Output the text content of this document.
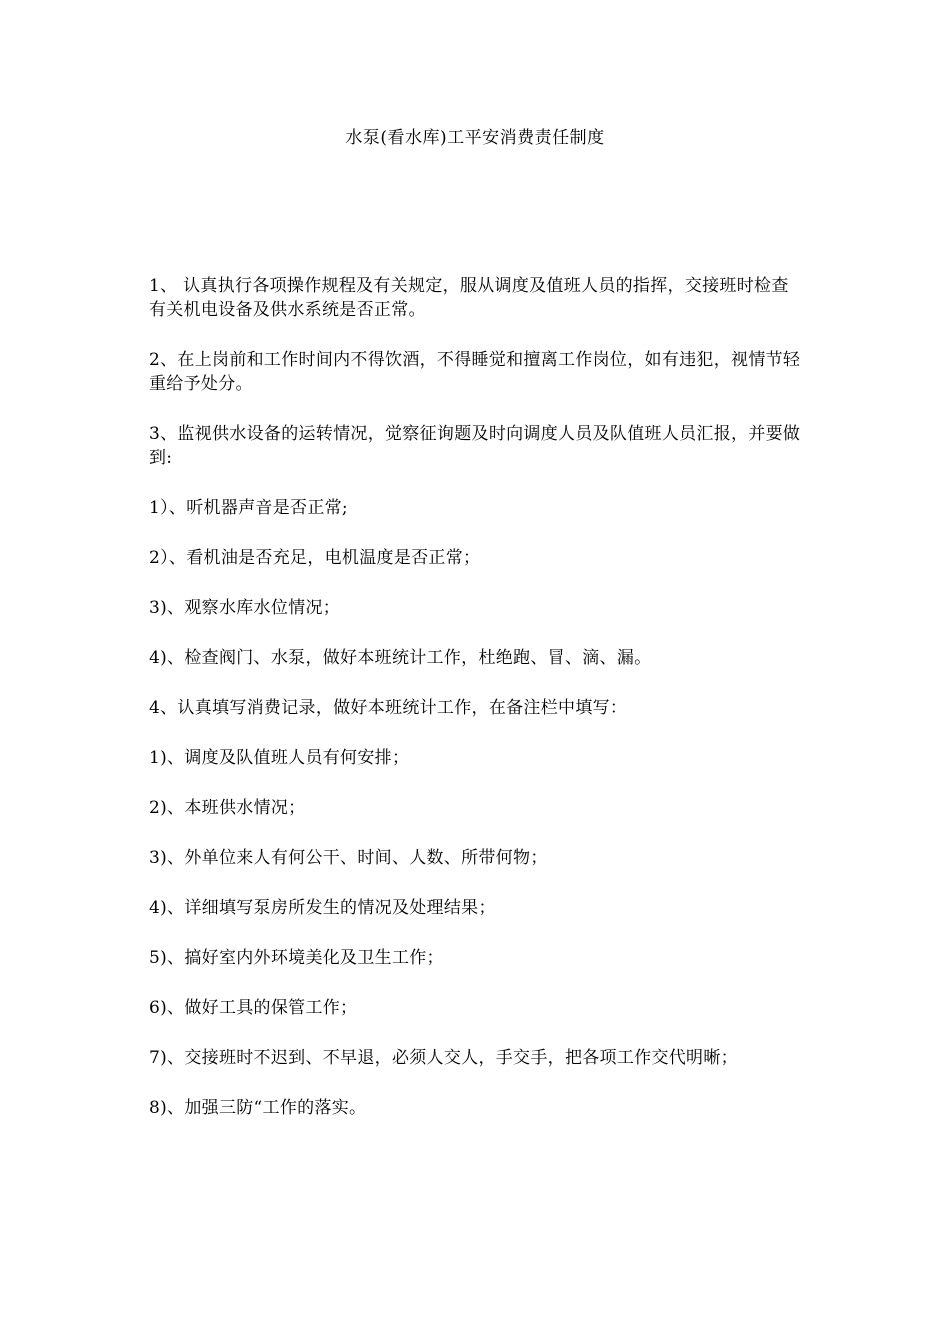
水泵(看水库)工平安消费责任制度

1、 认真执行各项操作规程及有关规定，服从调度及值班人员的指挥，交接班时检查有关机电设备及供水系统是否正常。

2、在上岗前和工作时间内不得饮酒，不得睡觉和擅离工作岗位，如有违犯，视情节轻重给予处分。

3、监视供水设备的运转情况，觉察征询题及时向调度人员及队值班人员汇报，并要做到:

1）、听机器声音是否正常;

2）、看机油是否充足，电机温度是否正常；

3)、观察水库水位情况；

4)、检查阀门、水泵，做好本班统计工作，杜绝跑、冒、滴、漏。

4、认真填写消费记录，做好本班统计工作，在备注栏中填写：

1)、调度及队值班人员有何安排；

2)、本班供水情况；

3)、外单位来人有何公干、时间、人数、所带何物；

4)、详细填写泵房所发生的情况及处理结果；

5)、搞好室内外环境美化及卫生工作；

6)、做好工具的保管工作；

7)、交接班时不迟到、不早退，必须人交人，手交手，把各项工作交代明晰；

8)、加强三防“工作的落实。
